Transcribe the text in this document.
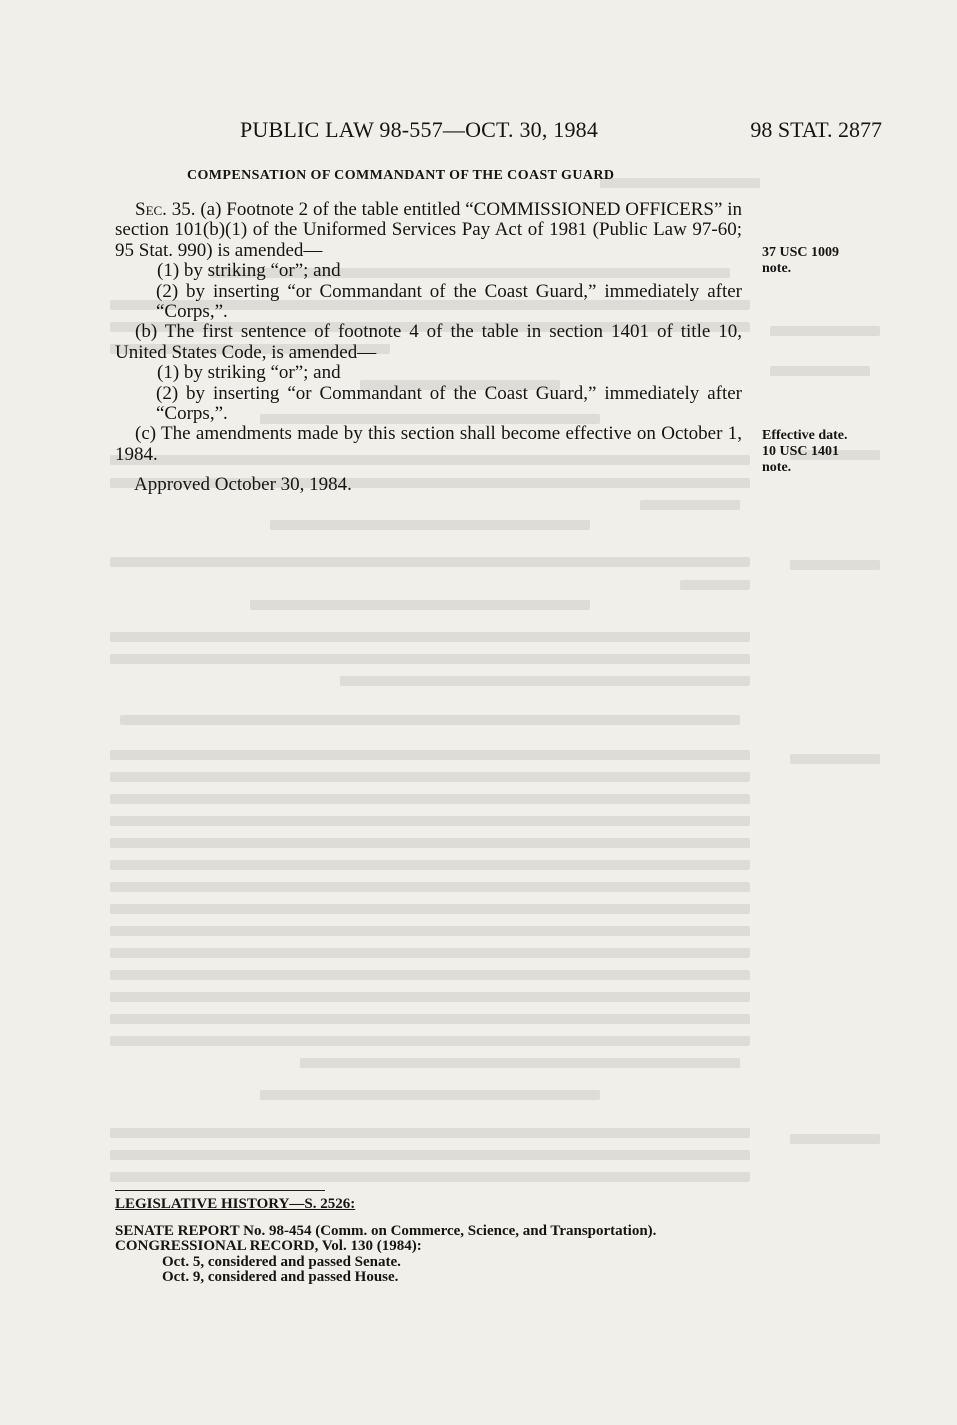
PUBLIC LAW 98-557—OCT. 30, 1984	98 STAT. 2877
COMPENSATION OF COMMANDANT OF THE COAST GUARD

Sec. 35. (a) Footnote 2 of the table entitled “COMMISSIONED OFFICERS” in section 101(b)(1) of the Uniformed Services Pay Act of 1981 (Public Law 97-60; 95 Stat. 990) is amended—

(1) by striking “or”; and

(2) by inserting “or Commandant of the Coast Guard,” immediately after “Corps,”.

(b) The first sentence of footnote 4 of the table in section 1401 of title 10, United States Code, is amended—

(1) by striking “or”; and

(2) by inserting “or Commandant of the Coast Guard,” immediately after “Corps,”.

(c) The amendments made by this section shall become effective on October 1, 1984.

Approved October 30, 1984.

37 USC 1009 note.
Effective date.
10 USC 1401 note.
LEGISLATIVE HISTORY—S. 2526:
SENATE REPORT No. 98-454 (Comm. on Commerce, Science, and Transportation).
CONGRESSIONAL RECORD, Vol. 130 (1984):
Oct. 5, considered and passed Senate.
Oct. 9, considered and passed House.
